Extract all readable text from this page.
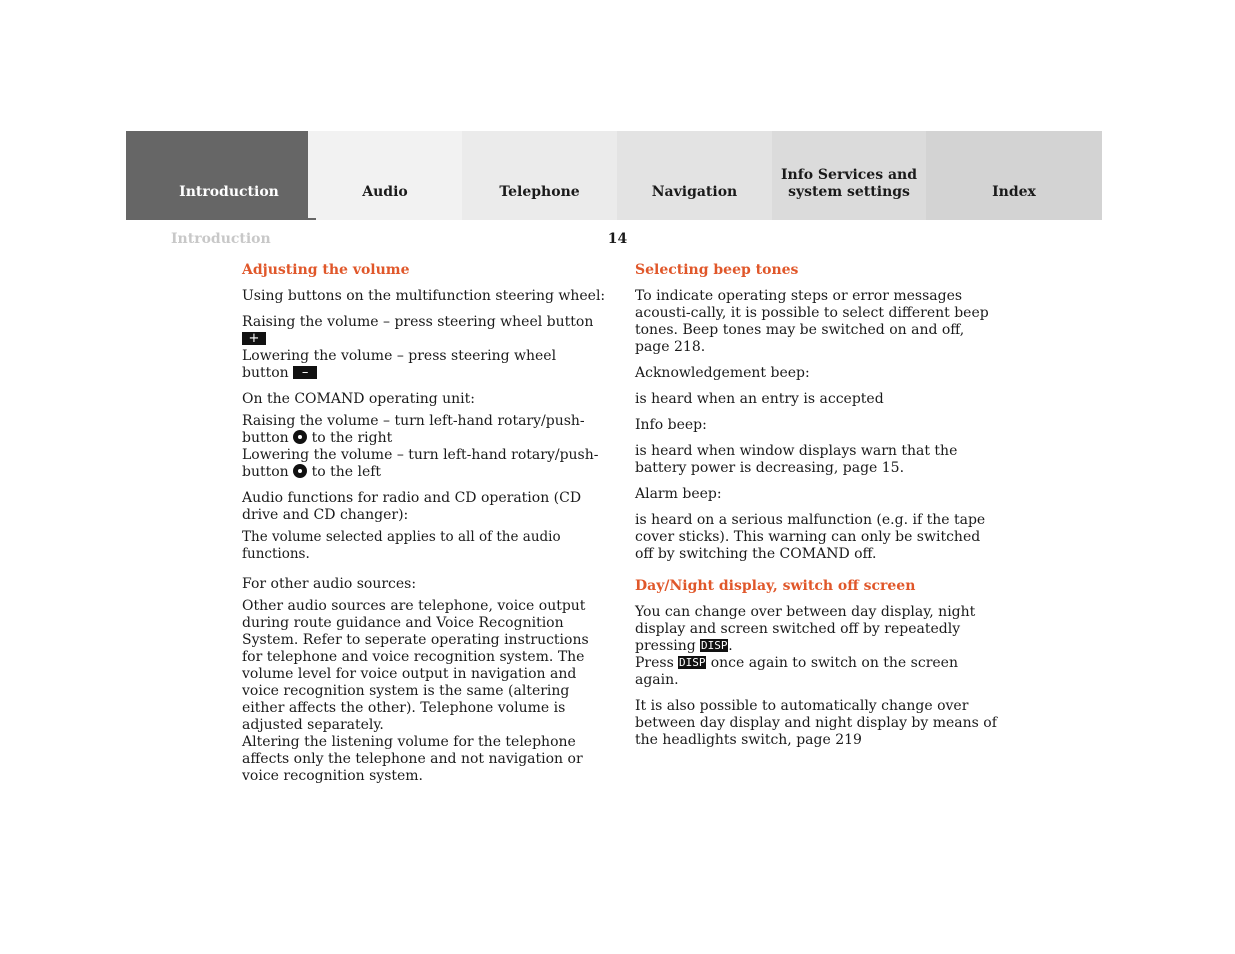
Introduction	Audio	Telephone	Navigation
Info Services and system settings	Index
Introduction	14
Adjusting the volume

Using buttons on the multifunction steering wheel:

Raising the volume – press steering wheel button +
Lowering the volume – press steering wheel button –

On the COMAND operating unit:

Raising the volume – turn left-hand rotary/push-button to the right
Lowering the volume – turn left-hand rotary/push-button to the left

Audio functions for radio and CD operation (CD drive and CD changer):

The volume selected applies to all of the audio functions.

For other audio sources:

Other audio sources are telephone, voice output during route guidance and Voice Recognition System. Refer to seperate operating instructions for telephone and voice recognition system. The volume level for voice output in navigation and voice recognition system is the same (altering either affects the other). Telephone volume is adjusted separately.

Altering the listening volume for the telephone affects only the telephone and not navigation or voice recognition system.

Selecting beep tones

To indicate operating steps or error messages acousti-cally, it is possible to select different beep tones. Beep tones may be switched on and off, page 218.

Acknowledgement beep:

is heard when an entry is accepted

Info beep:

is heard when window displays warn that the battery power is decreasing, page 15.

Alarm beep:

is heard on a serious malfunction (e.g. if the tape cover sticks). This warning can only be switched off by switching the COMAND off.

Day/Night display, switch off screen

You can change over between day display, night display and screen switched off by repeatedly pressing DISP.
Press DISP once again to switch on the screen again.

It is also possible to automatically change over between day display and night display by means of the headlights switch, page 219
